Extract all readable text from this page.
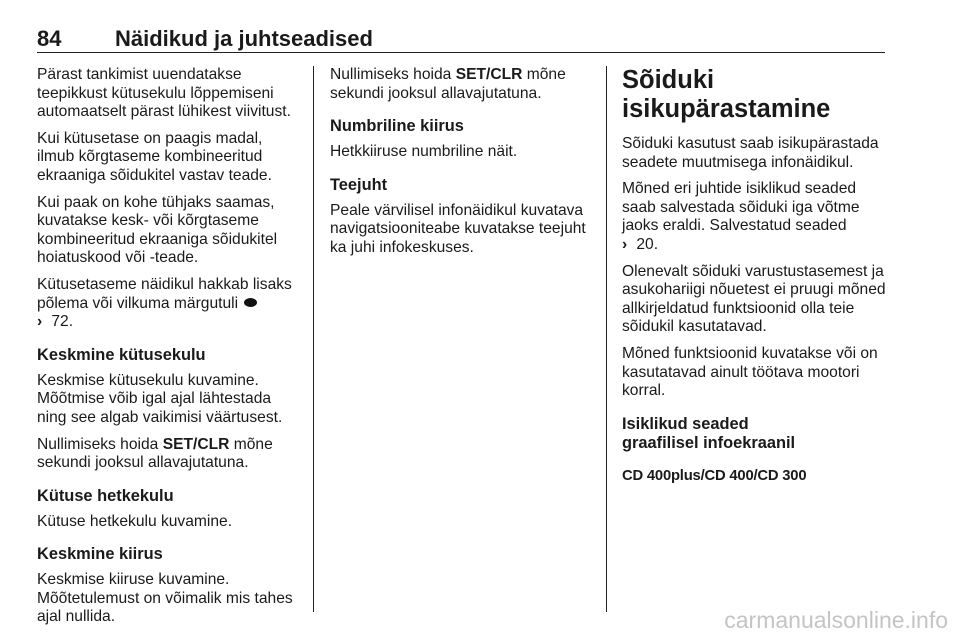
84 Näidikud ja juhtseadised

Pärast tankimist uuendatakse teepikkust kütusekulu lõppemiseni automaatselt pärast lühikest viivitust.

Kui kütusetase on paagis madal, ilmub kõrgtaseme kombineeritud ekraaniga sõidukitel vastav teade.

Kui paak on kohe tühjaks saamas, kuvatakse kesk- või kõrgtaseme kombineeritud ekraaniga sõidukitel hoiatuskood või -teade.

Kütusetaseme näidikul hakkab lisaks põlema või vilkuma märgutuli
› 72.

Keskmine kütusekulu

Keskmise kütusekulu kuvamine. Mõõtmise võib igal ajal lähtestada ning see algab vaikimisi väärtusest.

Nullimiseks hoida SET/CLR mõne sekundi jooksul allavajutatuna.

Kütuse hetkekulu

Kütuse hetkekulu kuvamine.

Keskmine kiirus

Keskmise kiiruse kuvamine. Mõõtetulemust on võimalik mis tahes ajal nullida.

Nullimiseks hoida SET/CLR mõne sekundi jooksul allavajutatuna.

Numbriline kiirus

Hetkkiiruse numbriline näit.

Teejuht

Peale värvilisel infonäidikul kuvatava navigatsiooniteabe kuvatakse teejuht ka juhi infokeskuses.

Sõiduki isikupärastamine

Sõiduki kasutust saab isikupärastada seadete muutmisega infonäidikul.

Mõned eri juhtide isiklikud seaded saab salvestada sõiduki iga võtme jaoks eraldi. Salvestatud seaded
› 20.

Olenevalt sõiduki varustustasemest ja asukohariigi nõuetest ei pruugi mõned allkirjeldatud funktsioonid olla teie sõidukil kasutatavad.

Mõned funktsioonid kuvatakse või on kasutatavad ainult töötava mootori korral.

Isiklikud seaded graafilisel infoekraanil
CD 400plus/CD 400/CD 300
carmanualsonline.info
